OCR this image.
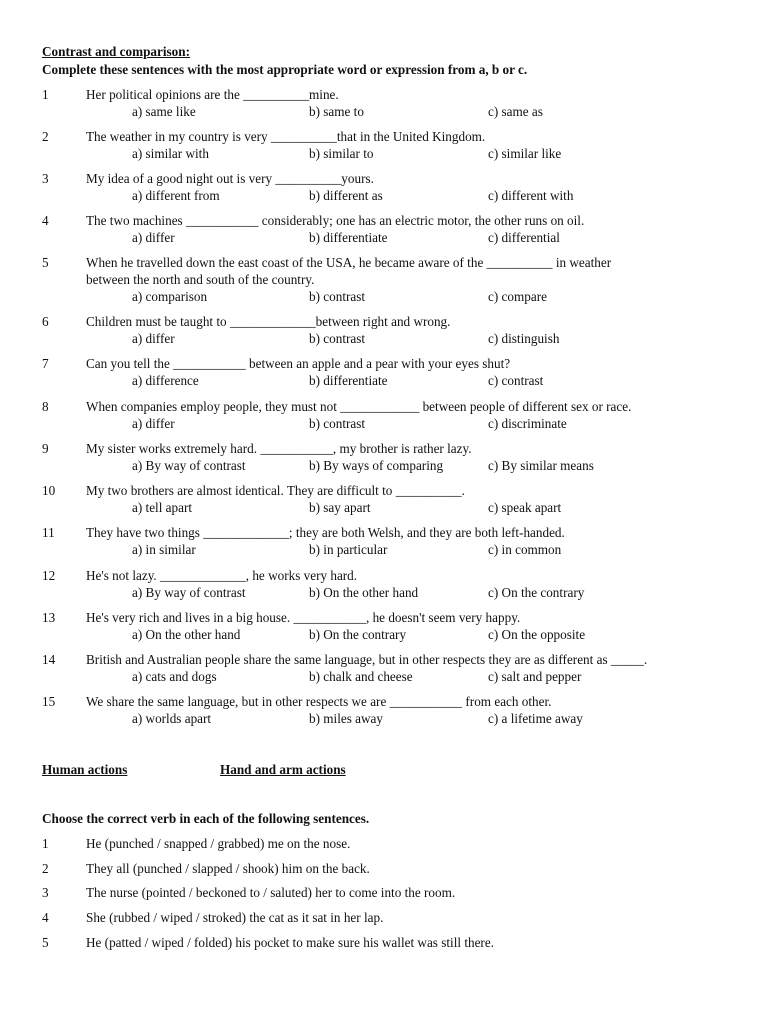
Contrast and comparison:
Complete these sentences with the most appropriate word or expression from a, b or c.
1	Her political opinions are the __________mine.
a) same like	b) same to	c) same as
2	The weather in my country is very __________that in the United Kingdom.
a) similar with	b) similar to	c) similar like
3	My idea of a good night out is very __________yours.
a) different from	b) different as	c) different with
4	The two machines ___________ considerably; one has an electric motor, the other runs on oil.
a) differ	b) differentiate	c) differential
5	When he travelled down the east coast of the USA, he became aware of the __________ in weather
between the north and south of the country.
a) comparison	b) contrast	c) compare
6	Children must be taught to _____________between right and wrong.
a) differ	b) contrast	c) distinguish
7	Can you tell the ___________ between an apple and a pear with your eyes shut?
a) difference	b) differentiate	c) contrast
8	When companies employ people, they must not ____________ between people of different sex or race.
a) differ	b) contrast	c) discriminate
9	My sister works extremely hard. ___________, my brother is rather lazy.
a) By way of contrast	b) By ways of comparing	c) By similar means
10 My two brothers are almost identical. They are difficult to __________.
a) tell apart	b) say apart	c) speak apart
11 They have two things _____________; they are both Welsh, and they are both left-handed.
a) in similar	b) in particular	c) in common
12 He's not lazy. _____________, he works very hard.
a) By way of contrast	b) On the other hand	c) On the contrary
13 He's very rich and lives in a big house. ___________, he doesn't seem very happy.
a) On the other hand	b) On the contrary	c) On the opposite
14 British and Australian people share the same language, but in other respects they are as different as _____.
a) cats and dogs	b) chalk and cheese	c) salt and pepper
15 We share the same language, but in other respects we are ___________ from each other.
a) worlds apart	b) miles away	c) a lifetime away
Human actions	Hand and arm actions
Choose the correct verb in each of the following sentences.
1	He (punched / snapped / grabbed) me on the nose.
2	They all (punched / slapped / shook) him on the back.
3	The nurse (pointed / beckoned to / saluted) her to come into the room.
4	She (rubbed / wiped / stroked) the cat as it sat in her lap.
5	He (patted / wiped / folded) his pocket to make sure his wallet was still there.
